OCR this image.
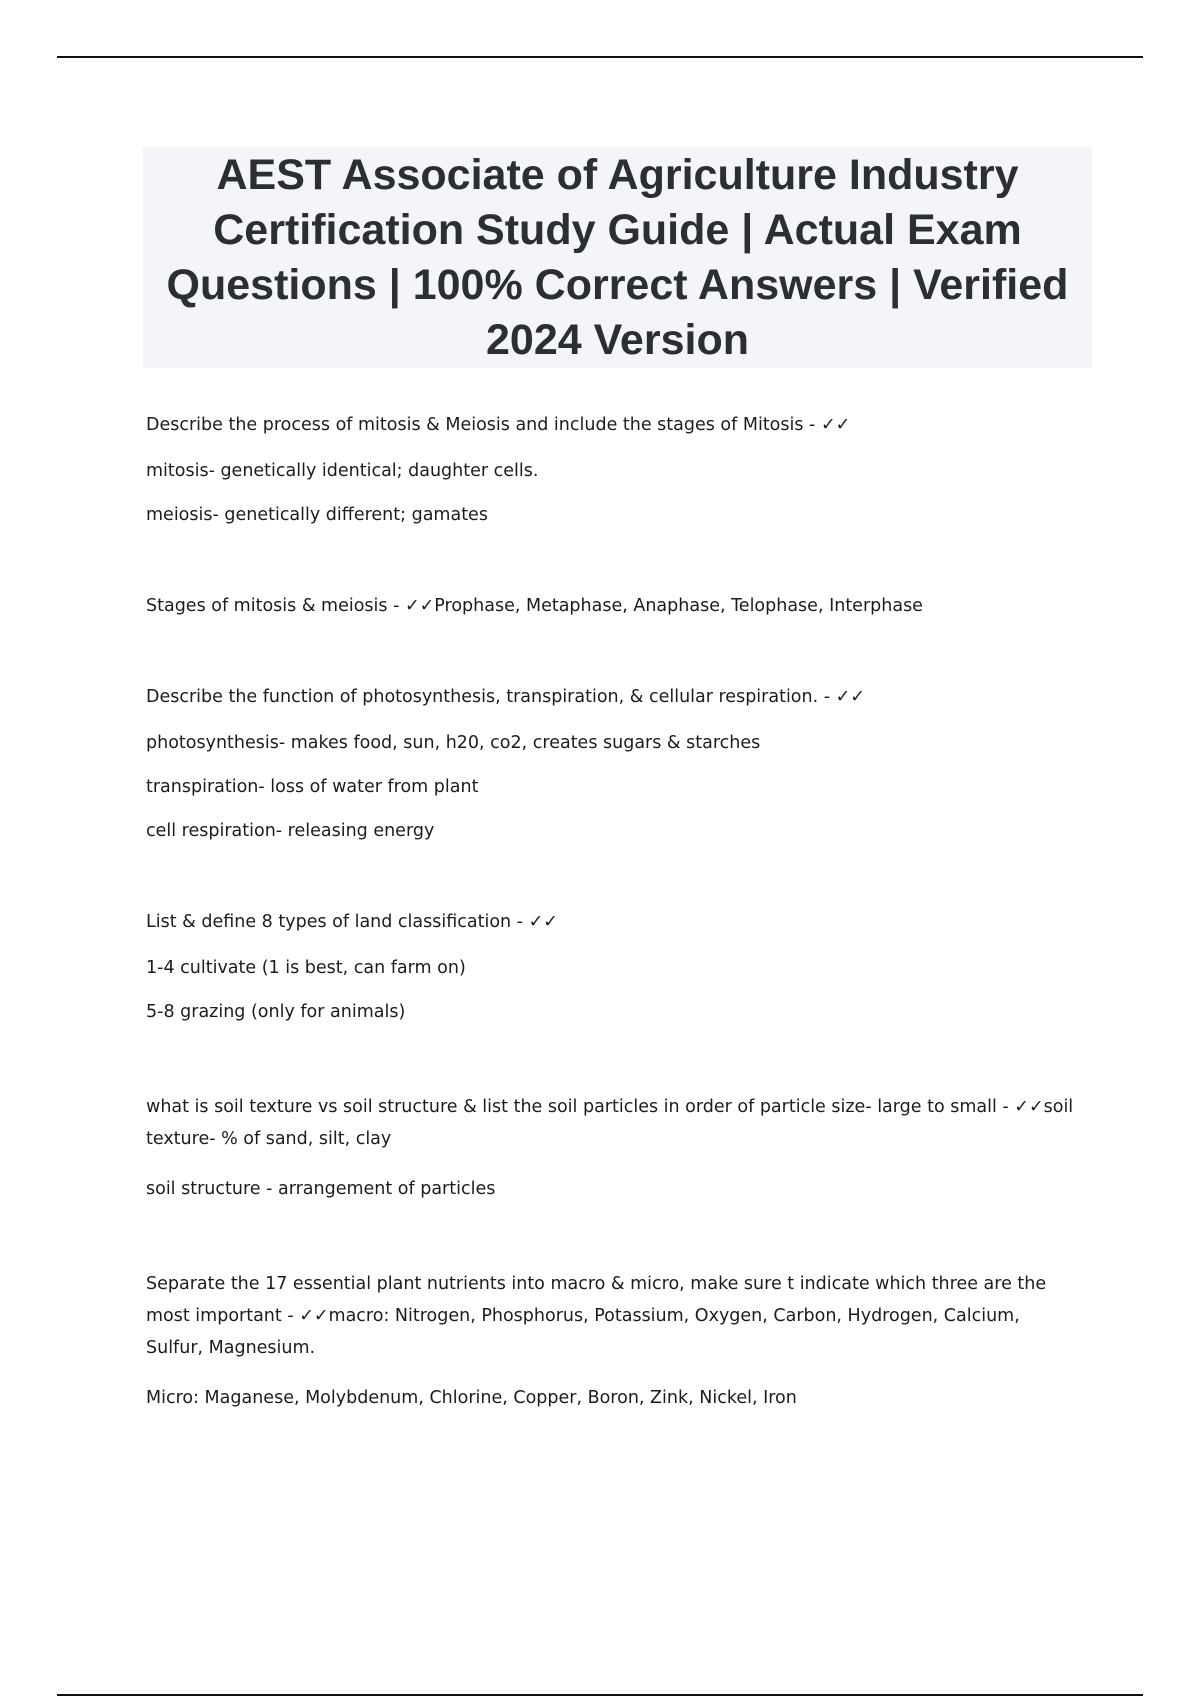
AEST Associate of Agriculture Industry Certification Study Guide | Actual Exam Questions | 100% Correct Answers | Verified 2024 Version

Describe the process of mitosis & Meiosis and include the stages of Mitosis - ✓✓

mitosis- genetically identical; daughter cells.

meiosis- genetically different; gamates

Stages of mitosis & meiosis - ✓✓Prophase, Metaphase, Anaphase, Telophase, Interphase

Describe the function of photosynthesis, transpiration, & cellular respiration. - ✓✓

photosynthesis- makes food, sun, h20, co2, creates sugars & starches

transpiration- loss of water from plant

cell respiration- releasing energy

List & define 8 types of land classification - ✓✓

1-4 cultivate (1 is best, can farm on)

5-8 grazing (only for animals)

what is soil texture vs soil structure & list the soil particles in order of particle size- large to small - ✓✓soil texture- % of sand, silt, clay

soil structure - arrangement of particles

Separate the 17 essential plant nutrients into macro & micro, make sure t indicate which three are the most important - ✓✓macro: Nitrogen, Phosphorus, Potassium, Oxygen, Carbon, Hydrogen, Calcium, Sulfur, Magnesium.

Micro: Maganese, Molybdenum, Chlorine, Copper, Boron, Zink, Nickel, Iron
